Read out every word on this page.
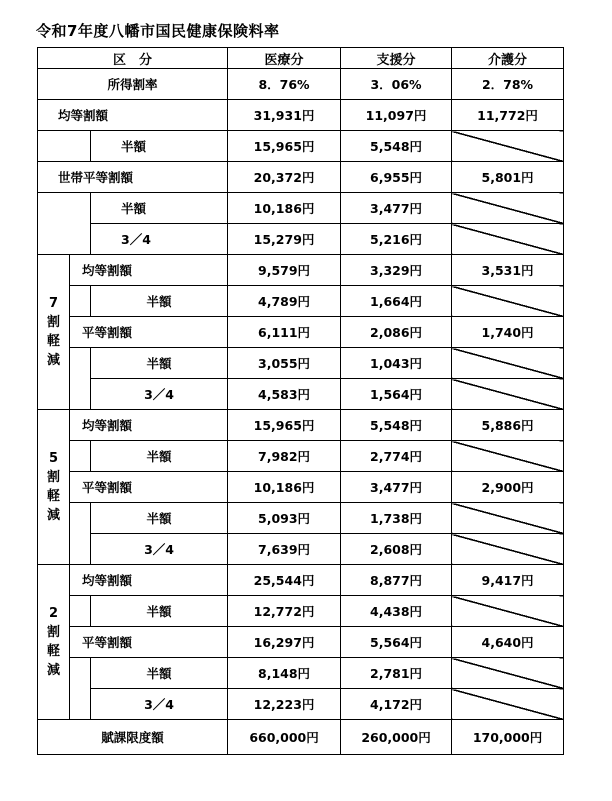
令和7年度八幡市国民健康保険料率
区　分			医療分	支援分	介護分
所得割率			8．76%	3．06%	2．78%
均等割額			31,931円	11,097円	11,772円
		半額	15,965円	5,548円	
世帯平等割額			20,372円	6,955円	5,801円
		半額	10,186円	3,477円	
		3／4	15,279円	5,216円	

7
割
軽
減	均等割額		9,579円	3,329円	3,531円
		半額	4,789円	1,664円	
	平等割額		6,111円	2,086円	1,740円
		半額	3,055円	1,043円	
		3／4	4,583円	1,564円	

5
割
軽
減	均等割額		15,965円	5,548円	5,886円
		半額	7,982円	2,774円	
	平等割額		10,186円	3,477円	2,900円
		半額	5,093円	1,738円	
		3／4	7,639円	2,608円	

2
割
軽
減	均等割額		25,544円	8,877円	9,417円
		半額	12,772円	4,438円	
	平等割額		16,297円	5,564円	4,640円
		半額	8,148円	2,781円	
		3／4	12,223円	4,172円	
賦課限度額			660,000円	260,000円	170,000円
